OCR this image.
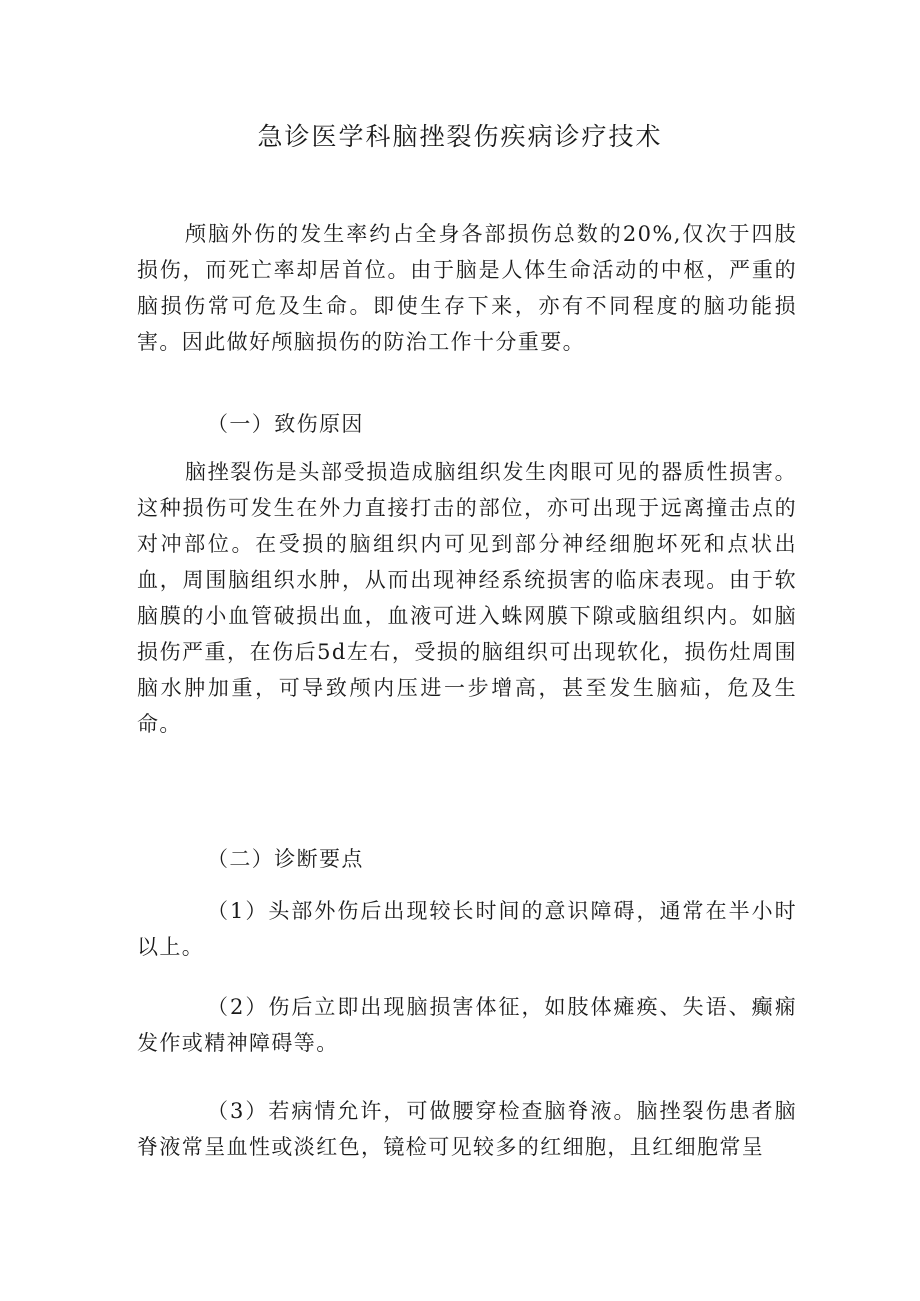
急诊医学科脑挫裂伤疾病诊疗技术

颅脑外伤的发生率约占全身各部损伤总数的20%,仅次于四肢损伤，而死亡率却居首位。由于脑是人体生命活动的中枢，严重的脑损伤常可危及生命。即使生存下来，亦有不同程度的脑功能损害。因此做好颅脑损伤的防治工作十分重要。

（一）致伤原因

脑挫裂伤是头部受损造成脑组织发生肉眼可见的器质性损害。这种损伤可发生在外力直接打击的部位，亦可出现于远离撞击点的对冲部位。在受损的脑组织内可见到部分神经细胞坏死和点状出血，周围脑组织水肿，从而出现神经系统损害的临床表现。由于软脑膜的小血管破损出血，血液可进入蛛网膜下隙或脑组织内。如脑损伤严重，在伤后5d左右，受损的脑组织可出现软化，损伤灶周围脑水肿加重，可导致颅内压进一步增高，甚至发生脑疝，危及生命。

（二）诊断要点

（1）头部外伤后出现较长时间的意识障碍，通常在半小时以上。

（2）伤后立即出现脑损害体征，如肢体瘫痪、失语、癫痫发作或精神障碍等。

（3）若病情允许，可做腰穿检查脑脊液。脑挫裂伤患者脑脊液常呈血性或淡红色，镜检可见较多的红细胞，且红细胞常呈
